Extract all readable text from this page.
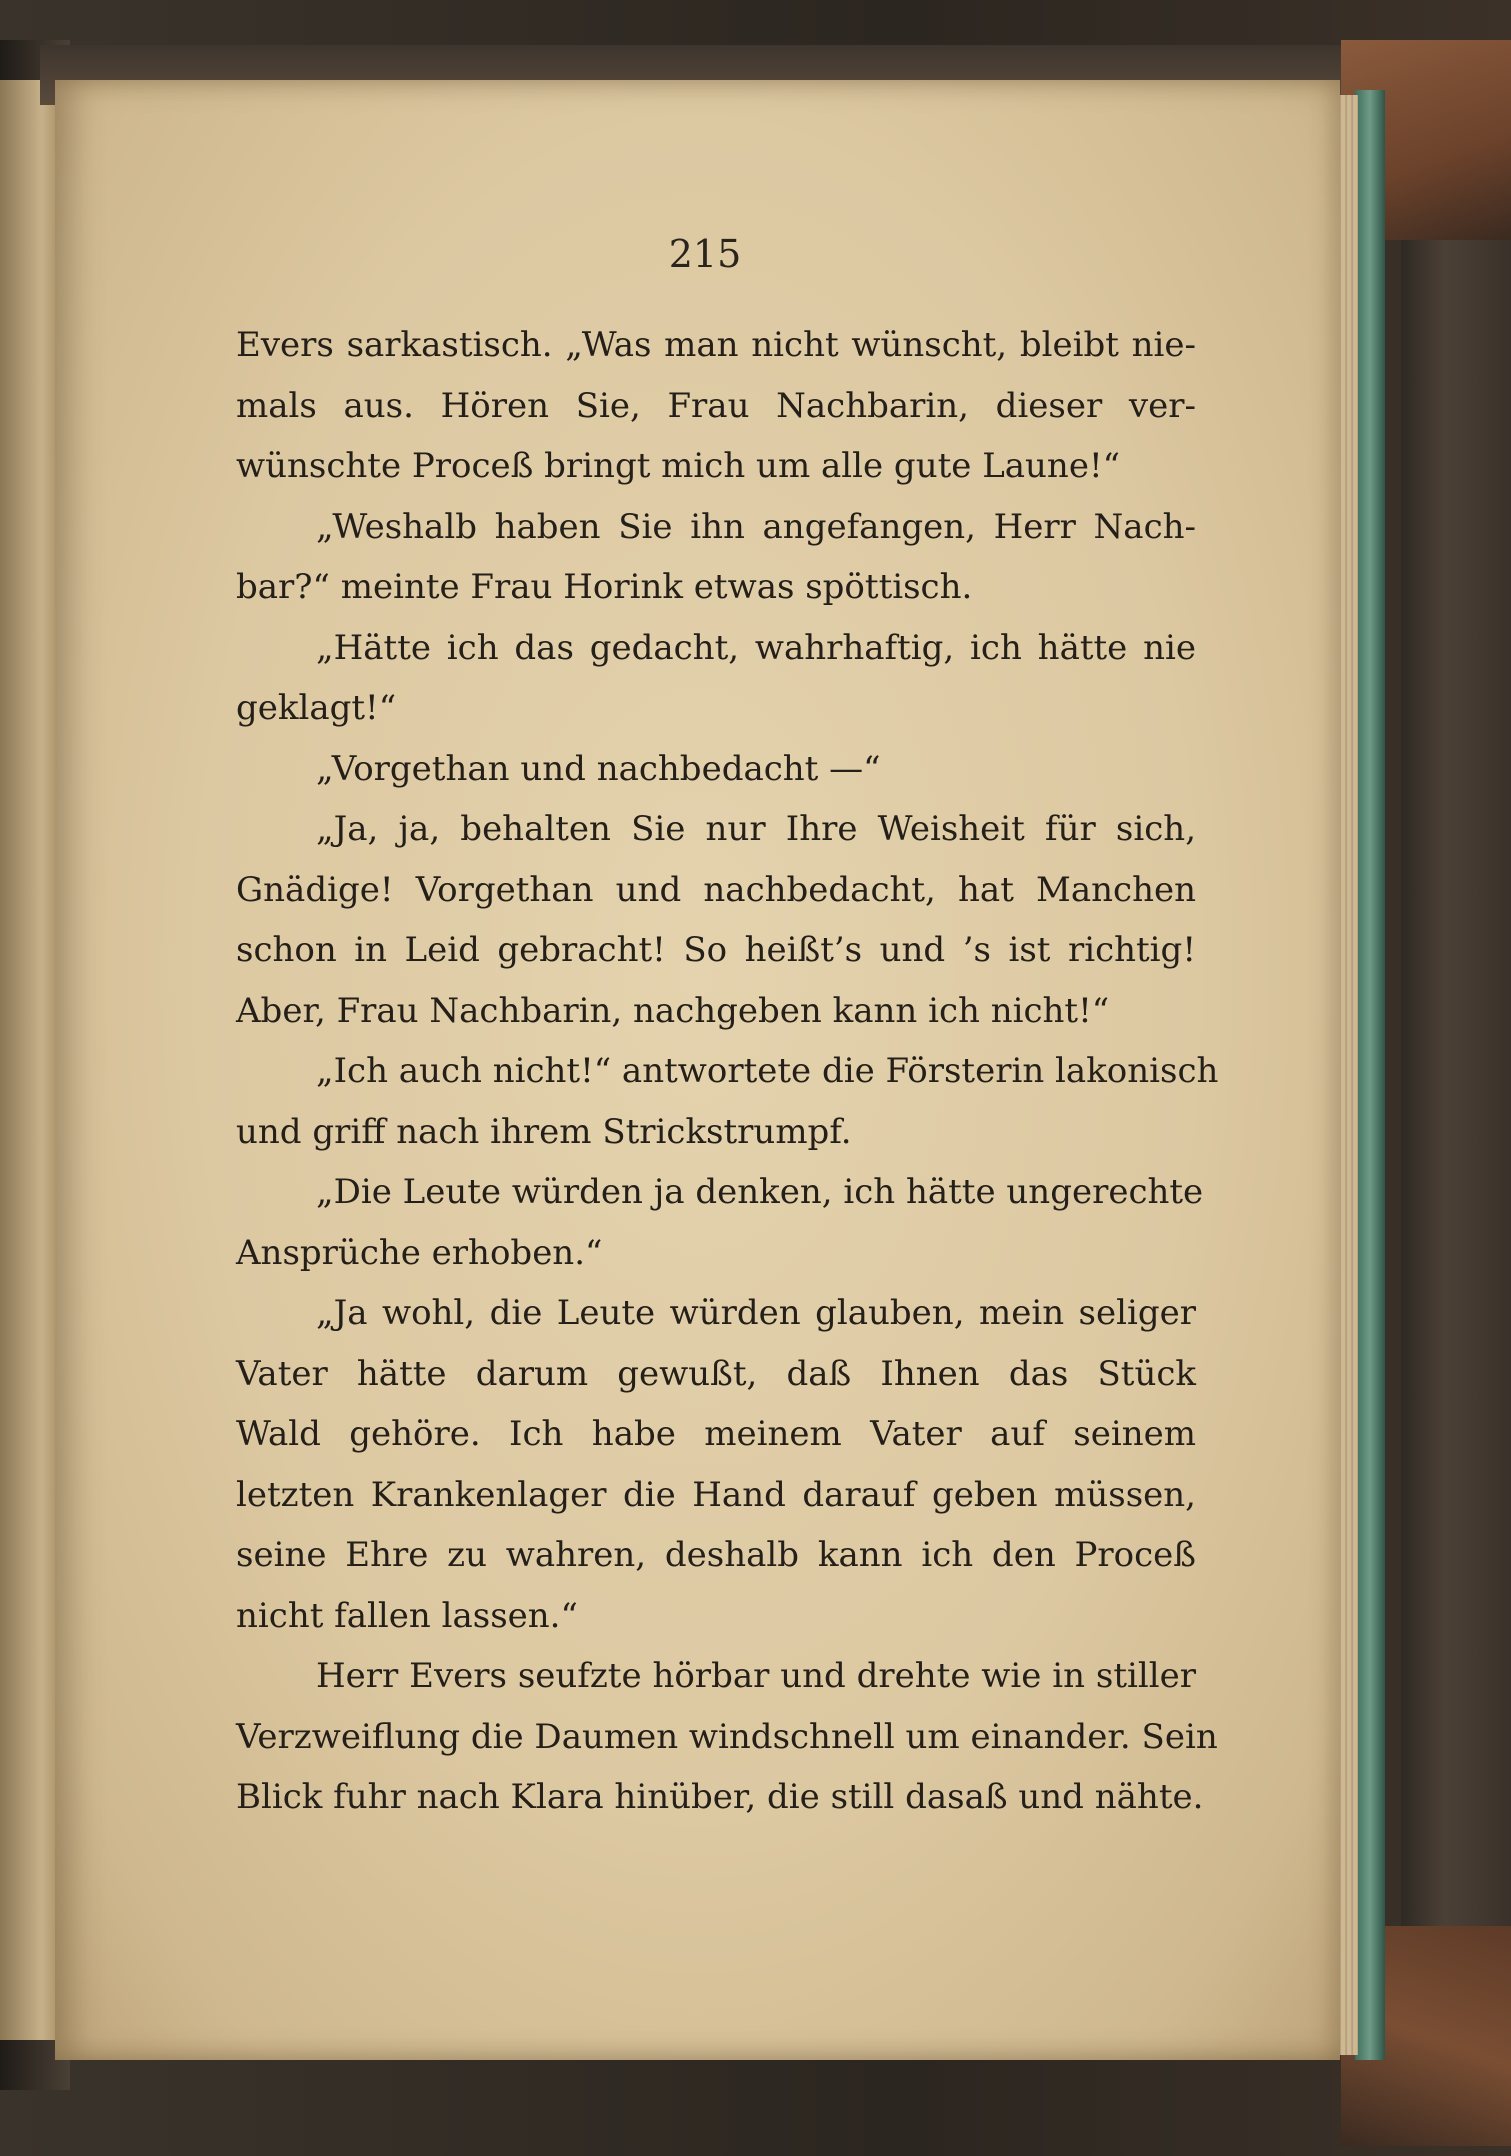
215
Evers sarkastisch. „Was man nicht wünscht, bleibt nie-
mals aus. Hören Sie, Frau Nachbarin, dieser ver-
wünschte Proceß bringt mich um alle gute Laune!“
„Weshalb haben Sie ihn angefangen, Herr Nach-
bar?“ meinte Frau Horink etwas spöttisch.
„Hätte ich das gedacht, wahrhaftig, ich hätte nie
geklagt!“
„Vorgethan und nachbedacht —“
„Ja, ja, behalten Sie nur Ihre Weisheit für sich,
Gnädige! Vorgethan und nachbedacht, hat Manchen
schon in Leid gebracht! So heißt’s und ’s ist richtig!
Aber, Frau Nachbarin, nachgeben kann ich nicht!“
„Ich auch nicht!“ antwortete die Försterin lakonisch
und griff nach ihrem Strickstrumpf.
„Die Leute würden ja denken, ich hätte ungerechte
Ansprüche erhoben.“
„Ja wohl, die Leute würden glauben, mein seliger
Vater hätte darum gewußt, daß Ihnen das Stück
Wald gehöre. Ich habe meinem Vater auf seinem
letzten Krankenlager die Hand darauf geben müssen,
seine Ehre zu wahren, deshalb kann ich den Proceß
nicht fallen lassen.“
Herr Evers seufzte hörbar und drehte wie in stiller
Verzweiflung die Daumen windschnell um einander. Sein
Blick fuhr nach Klara hinüber, die still dasaß und nähte.
